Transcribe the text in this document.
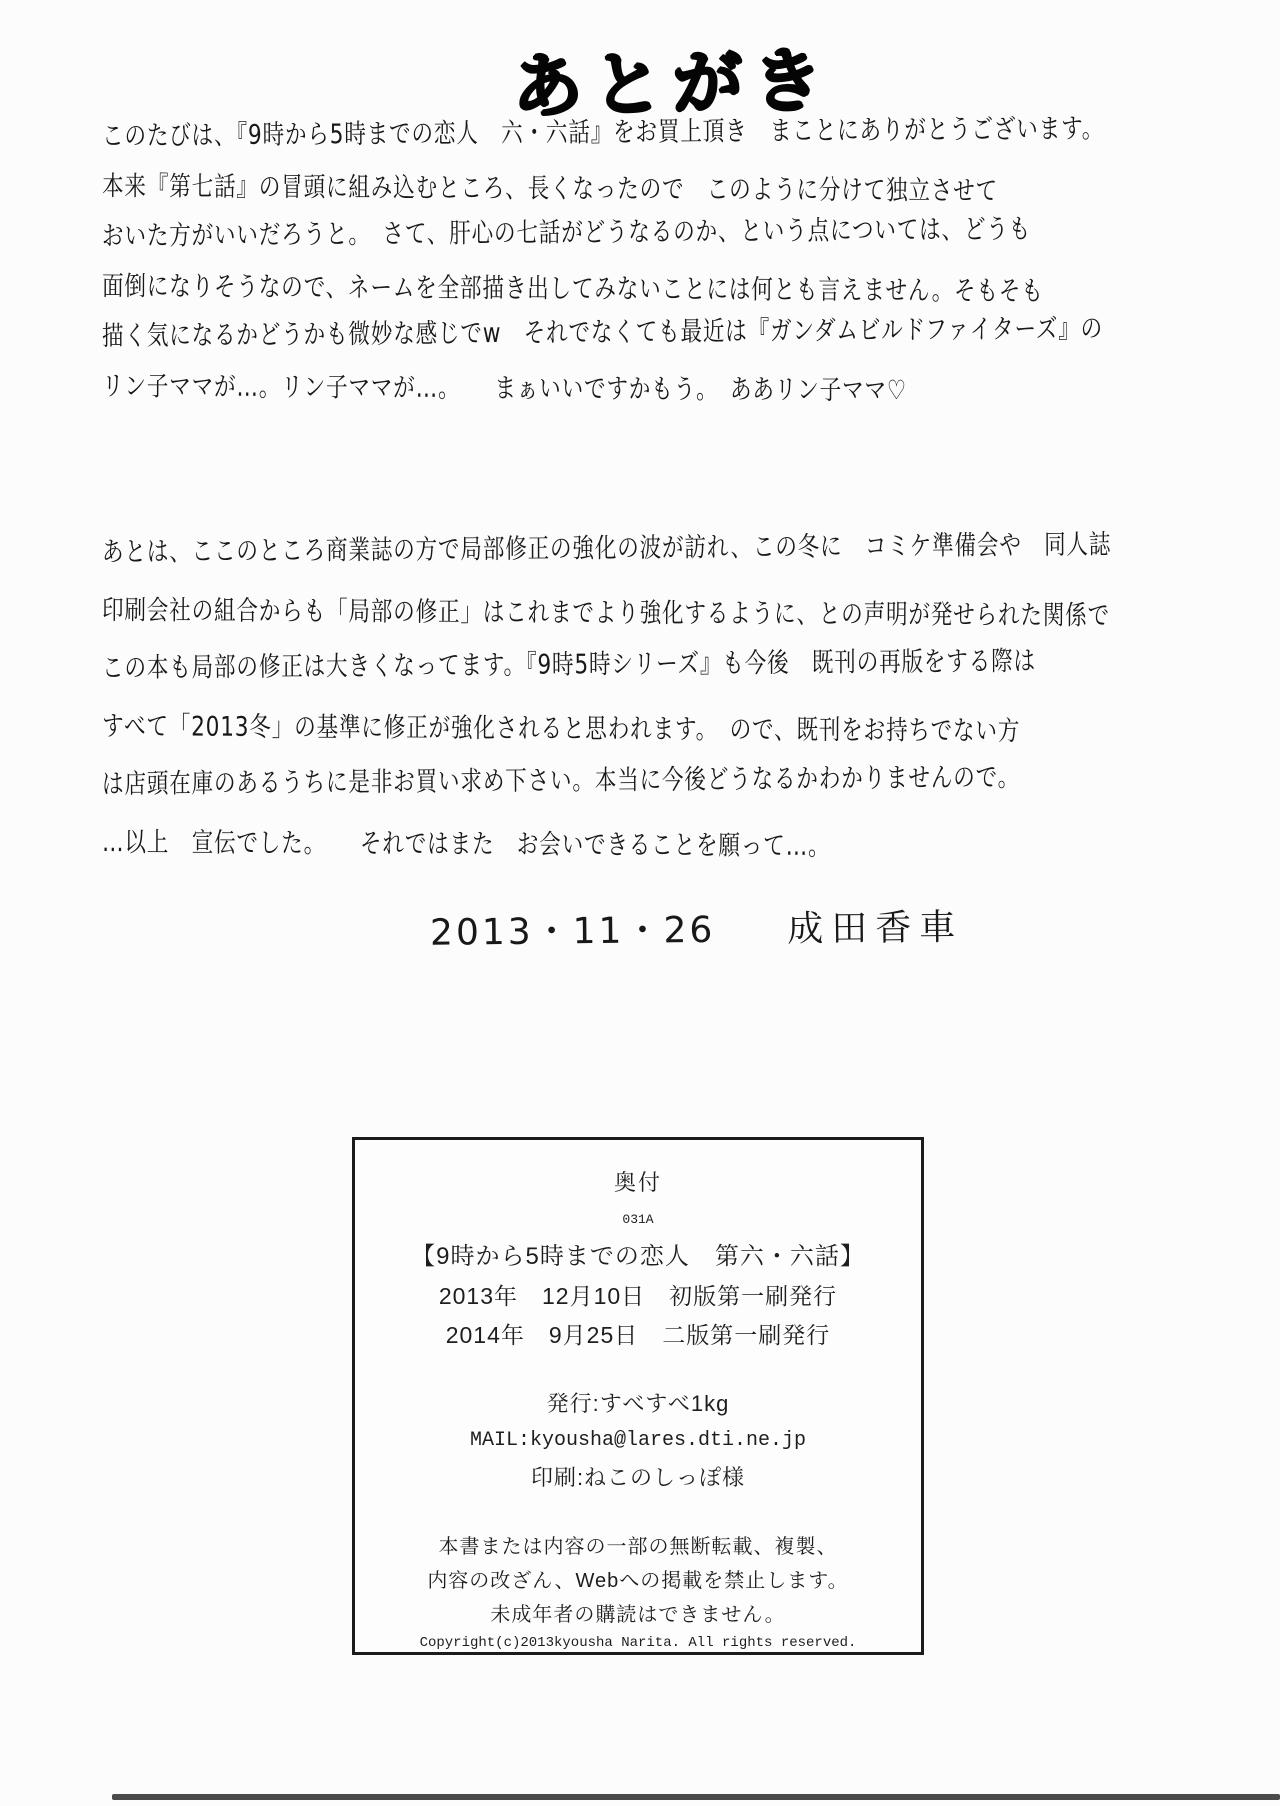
あとがき
このたびは、『9時から5時までの恋人　六・六話』をお買上頂き　まことにありがとうございます。
本来『第七話』の冒頭に組み込むところ、長くなったので　このように分けて独立させて
おいた方がいいだろうと。　さて、肝心の七話がどうなるのか、という点については、どうも
面倒になりそうなので、ネームを全部描き出してみないことには何とも言えません。そもそも
描く気になるかどうかも微妙な感じでw　それでなくても最近は『ガンダムビルドファイターズ』の
リン子ママが…。リン子ママが…。　　まぁいいですかもう。　ああリン子ママ♡
あとは、ここのところ商業誌の方で局部修正の強化の波が訪れ、この冬に　コミケ準備会や　同人誌
印刷会社の組合からも「局部の修正」はこれまでより強化するように、との声明が発せられた関係で
この本も局部の修正は大きくなってます。『9時5時シリーズ』も今後　既刊の再版をする際は
すべて「2013冬」の基準に修正が強化されると思われます。　ので、既刊をお持ちでない方
は店頭在庫のあるうちに是非お買い求め下さい。本当に今後どうなるかわかりませんので。
…以上　宣伝でした。　　それではまた　お会いできることを願って…。
2013・11・26 成田香車
奥付
031A
【9時から5時までの恋人　第六・六話】
2013年　12月10日　初版第一刷発行
2014年　9月25日　二版第一刷発行
発行:すべすべ1kg
MAIL:kyousha@lares.dti.ne.jp
印刷:ねこのしっぽ様
本書または内容の一部の無断転載、複製、
内容の改ざん、Webへの掲載を禁止します。
未成年者の購読はできません。
Copyright(c)2013kyousha Narita. All rights reserved.
